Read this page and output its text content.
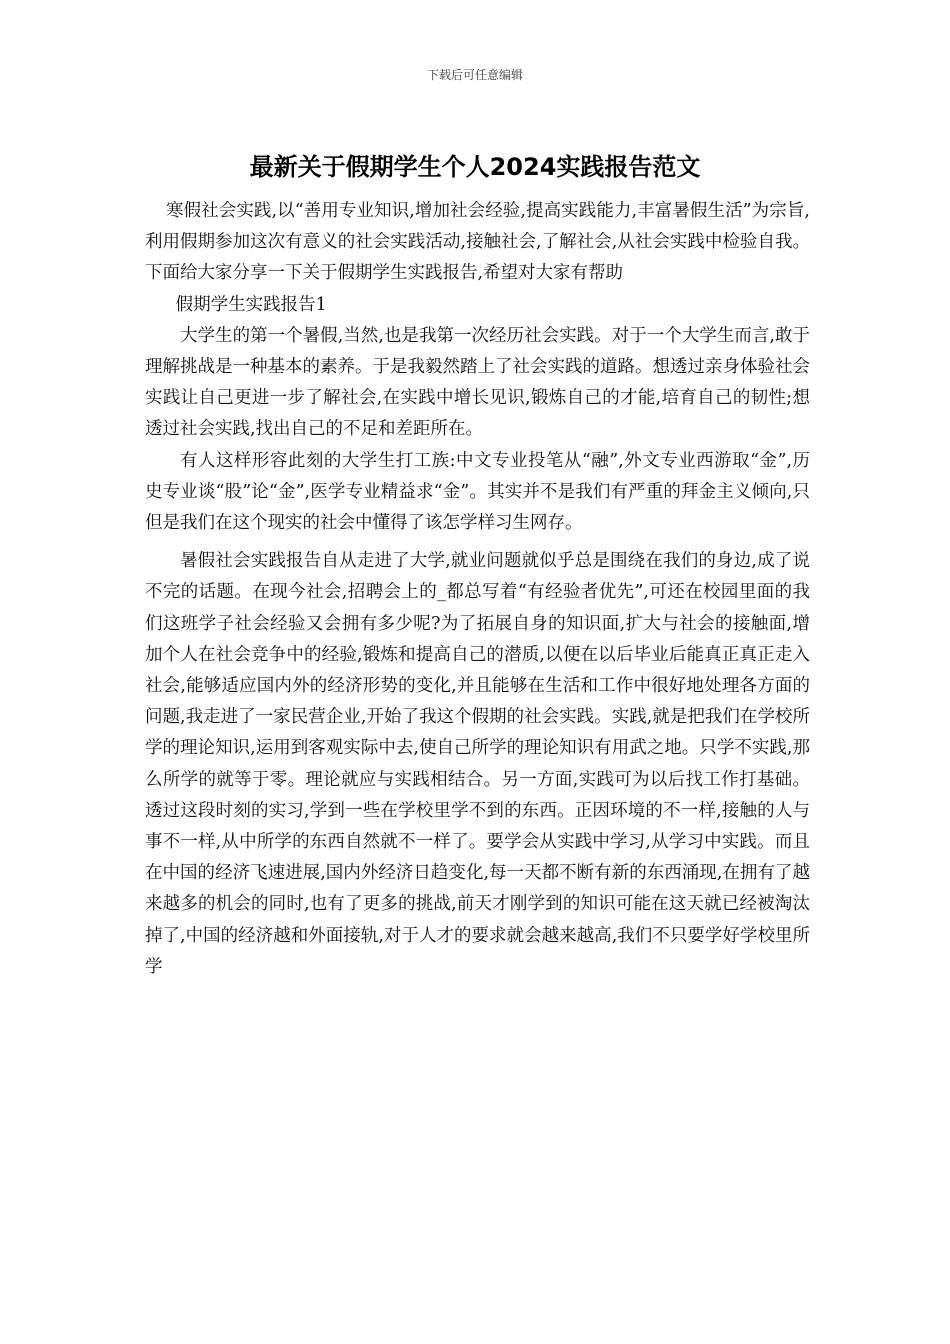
下载后可任意编辑
最新关于假期学生个人2024实践报告范文

寒假社会实践,以“善用专业知识,增加社会经验,提高实践能力,丰富暑假生活”为宗旨,利用假期参加这次有意义的社会实践活动,接触社会,了解社会,从社会实践中检验自我。下面给大家分享一下关于假期学生实践报告,希望对大家有帮助

假期学生实践报告1

大学生的第一个暑假,当然,也是我第一次经历社会实践。对于一个大学生而言,敢于理解挑战是一种基本的素养。于是我毅然踏上了社会实践的道路。想透过亲身体验社会实践让自己更进一步了解社会,在实践中增长见识,锻炼自己的才能,培育自己的韧性;想透过社会实践,找出自己的不足和差距所在。

有人这样形容此刻的大学生打工族:中文专业投笔从“融”,外文专业西游取“金”,历史专业谈“股”论“金”,医学专业精益求“金”。其实并不是我们有严重的拜金主义倾向,只但是我们在这个现实的社会中懂得了该怎学样习生网存。

暑假社会实践报告自从走进了大学,就业问题就似乎总是围绕在我们的身边,成了说不完的话题。在现今社会,招聘会上的_都总写着“有经验者优先”,可还在校园里面的我们这班学子社会经验又会拥有多少呢?为了拓展自身的知识面,扩大与社会的接触面,增加个人在社会竞争中的经验,锻炼和提高自己的潜质,以便在以后毕业后能真正真正走入社会,能够适应国内外的经济形势的变化,并且能够在生活和工作中很好地处理各方面的问题,我走进了一家民营企业,开始了我这个假期的社会实践。实践,就是把我们在学校所学的理论知识,运用到客观实际中去,使自己所学的理论知识有用武之地。只学不实践,那么所学的就等于零。理论就应与实践相结合。另一方面,实践可为以后找工作打基础。透过这段时刻的实习,学到一些在学校里学不到的东西。正因环境的不一样,接触的人与事不一样,从中所学的东西自然就不一样了。要学会从实践中学习,从学习中实践。而且在中国的经济飞速进展,国内外经济日趋变化,每一天都不断有新的东西涌现,在拥有了越来越多的机会的同时,也有了更多的挑战,前天才刚学到的知识可能在这天就已经被淘汰掉了,中国的经济越和外面接轨,对于人才的要求就会越来越高,我们不只要学好学校里所学
